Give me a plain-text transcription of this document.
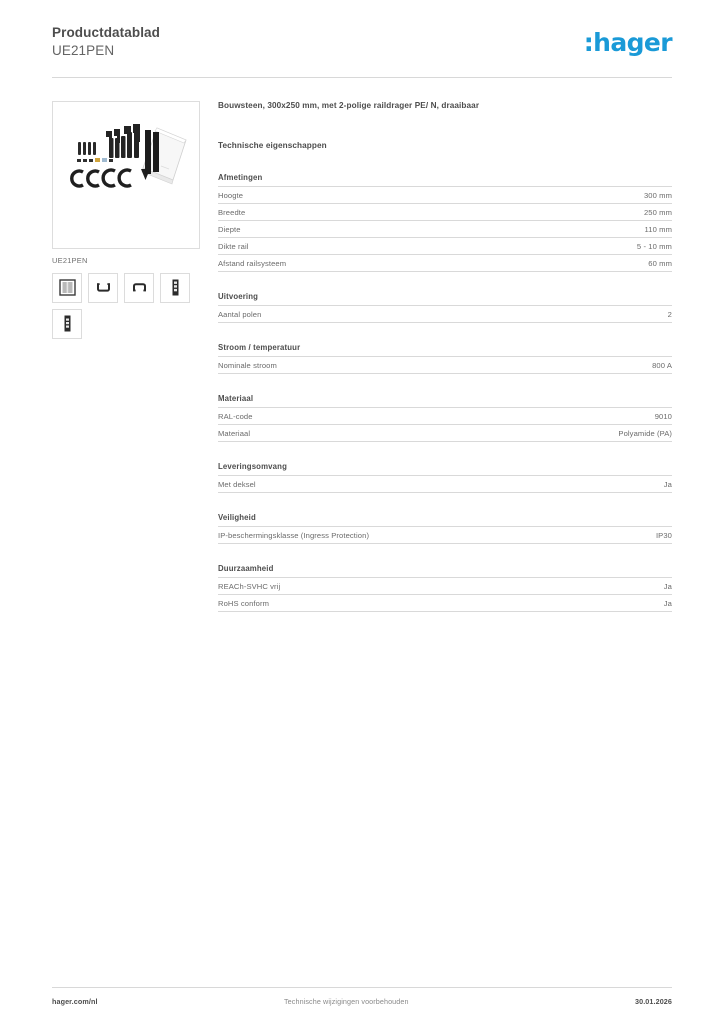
Productdatablad
UE21PEN	:hager
UE21PEN
Bouwsteen, 300x250 mm, met 2-polige raildrager PE/ N, draaibaar
Technische eigenschappen
Afmetingen
Hoogte	300 mm
Breedte	250 mm
Diepte	110 mm
Dikte rail	5 - 10 mm
Afstand railsysteem	60 mm
Uitvoering
Aantal polen	2
Stroom / temperatuur
Nominale stroom	800 A
Materiaal
RAL-code	9010
Materiaal	Polyamide (PA)
Leveringsomvang
Met deksel	Ja
Veiligheid
IP-beschermingsklasse (Ingress Protection)	IP30
Duurzaamheid
REACh-SVHC vrij	Ja
RoHS conform	Ja
hager.com/nl	Technische wijzigingen voorbehouden	30.01.2026
